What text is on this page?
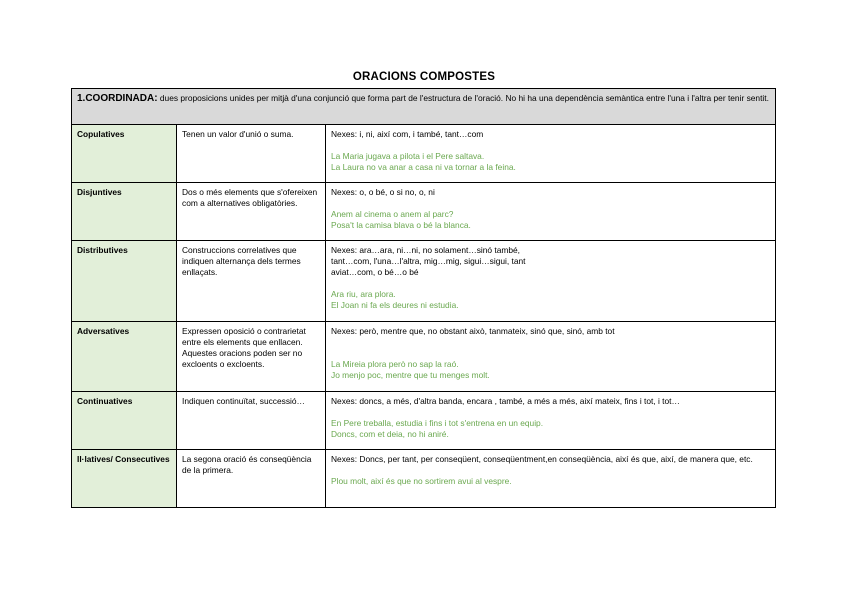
ORACIONS COMPOSTES
1.COORDINADA: dues proposicions unides per mitjà d'una conjunció que forma part de l'estructura de l'oració. No hi ha una dependència semàntica entre l'una i l'altra per tenir sentit.		
Copulatives	Tenen un valor d'unió o suma.	Nexes: i, ni, així com, i també, tant…com
La Maria jugava a pilota i el Pere saltava.
La Laura no va anar a casa ni va tornar a la feina.

Disjuntives	Dos o més elements que s'ofereixen com a alternatives obligatòries.	Nexes: o, o bé, o si no, o, ni
Anem al cinema o anem al parc?
Posa't la camisa blava o bé la blanca.

Distributives	Construccions correlatives que indiquen alternança dels termes enllaçats.	Nexes: ara…ara, ni…ni, no solament…sinó també,
tant…com, l'una…l'altra, mig…mig, sigui…sigui, tant
aviat…com, o bé…o bé
Ara riu, ara plora.
El Joan ni fa els deures ni estudia.

Adversatives	Expressen oposició o contrarietat entre els elements que enllacen. Aquestes oracions poden ser no excloents o excloents.	Nexes: però, mentre que, no obstant això, tanmateix, sinó que, sinó, amb tot
La Mireia plora però no sap la raó.
Jo menjo poc, mentre que tu menges molt.

Continuatives	Indiquen continuïtat, successió…	Nexes: doncs, a més, d'altra banda, encara , també, a més a més, així mateix, fins i tot, i tot…
En Pere treballa, estudia i fins i tot s'entrena en un equip.
Doncs, com et deia, no hi aniré.

Il·latives/ Consecutives	La segona oració és conseqüència de la primera.	Nexes: Doncs, per tant, per conseqüent, conseqüentment,en conseqüència, així és que, així, de manera que, etc.
Plou molt, així és que no sortirem avui al vespre.
